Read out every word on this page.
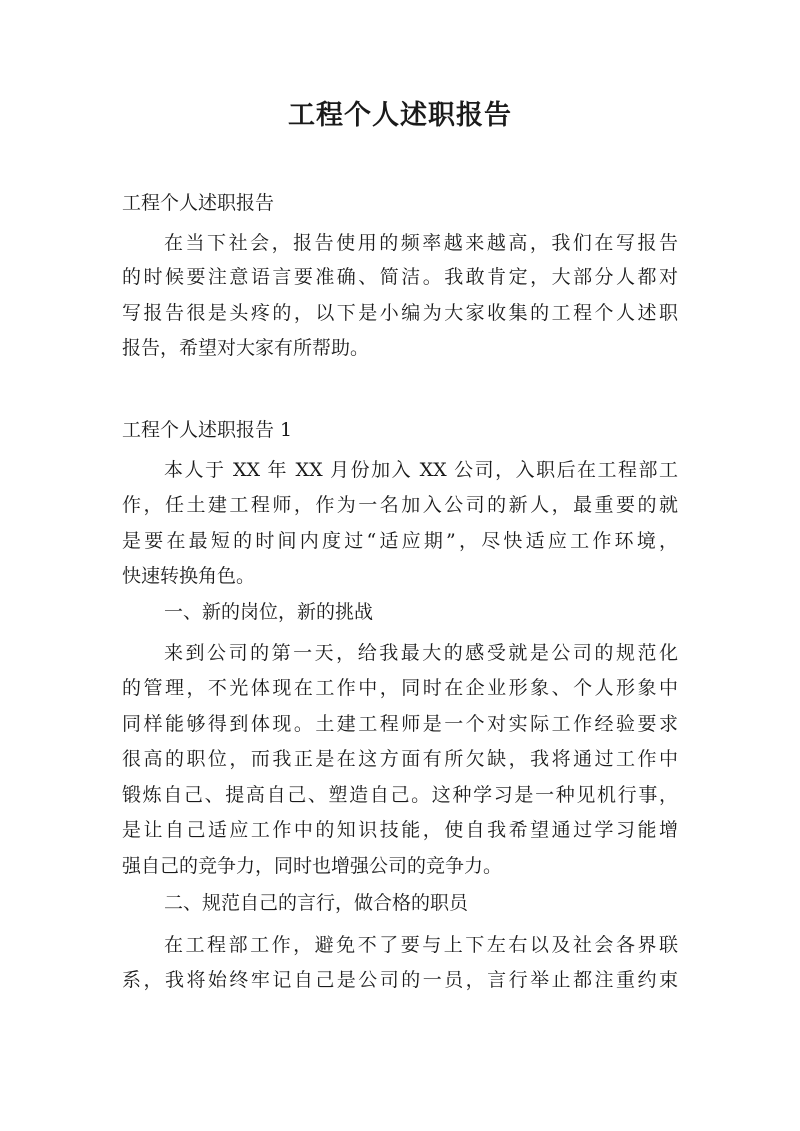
工程个人述职报告
工程个人述职报告
在当下社会，报告使用的频率越来越高，我们在写报告
的时候要注意语言要准确、简洁。我敢肯定，大部分人都对
写报告很是头疼的，以下是小编为大家收集的工程个人述职
报告，希望对大家有所帮助。
工程个人述职报告 1
本人于 XX 年 XX 月份加入 XX 公司，入职后在工程部工
作，任土建工程师，作为一名加入公司的新人，最重要的就
是要在最短的时间内度过“适应期”，尽快适应工作环境，
快速转换角色。
一、新的岗位，新的挑战
来到公司的第一天，给我最大的感受就是公司的规范化
的管理，不光体现在工作中，同时在企业形象、个人形象中
同样能够得到体现。土建工程师是一个对实际工作经验要求
很高的职位，而我正是在这方面有所欠缺，我将通过工作中
锻炼自己、提高自己、塑造自己。这种学习是一种见机行事，
是让自己适应工作中的知识技能，使自我希望通过学习能增
强自己的竞争力，同时也增强公司的竞争力。
二、规范自己的言行，做合格的职员
在工程部工作，避免不了要与上下左右以及社会各界联
系，我将始终牢记自己是公司的一员，言行举止都注重约束
